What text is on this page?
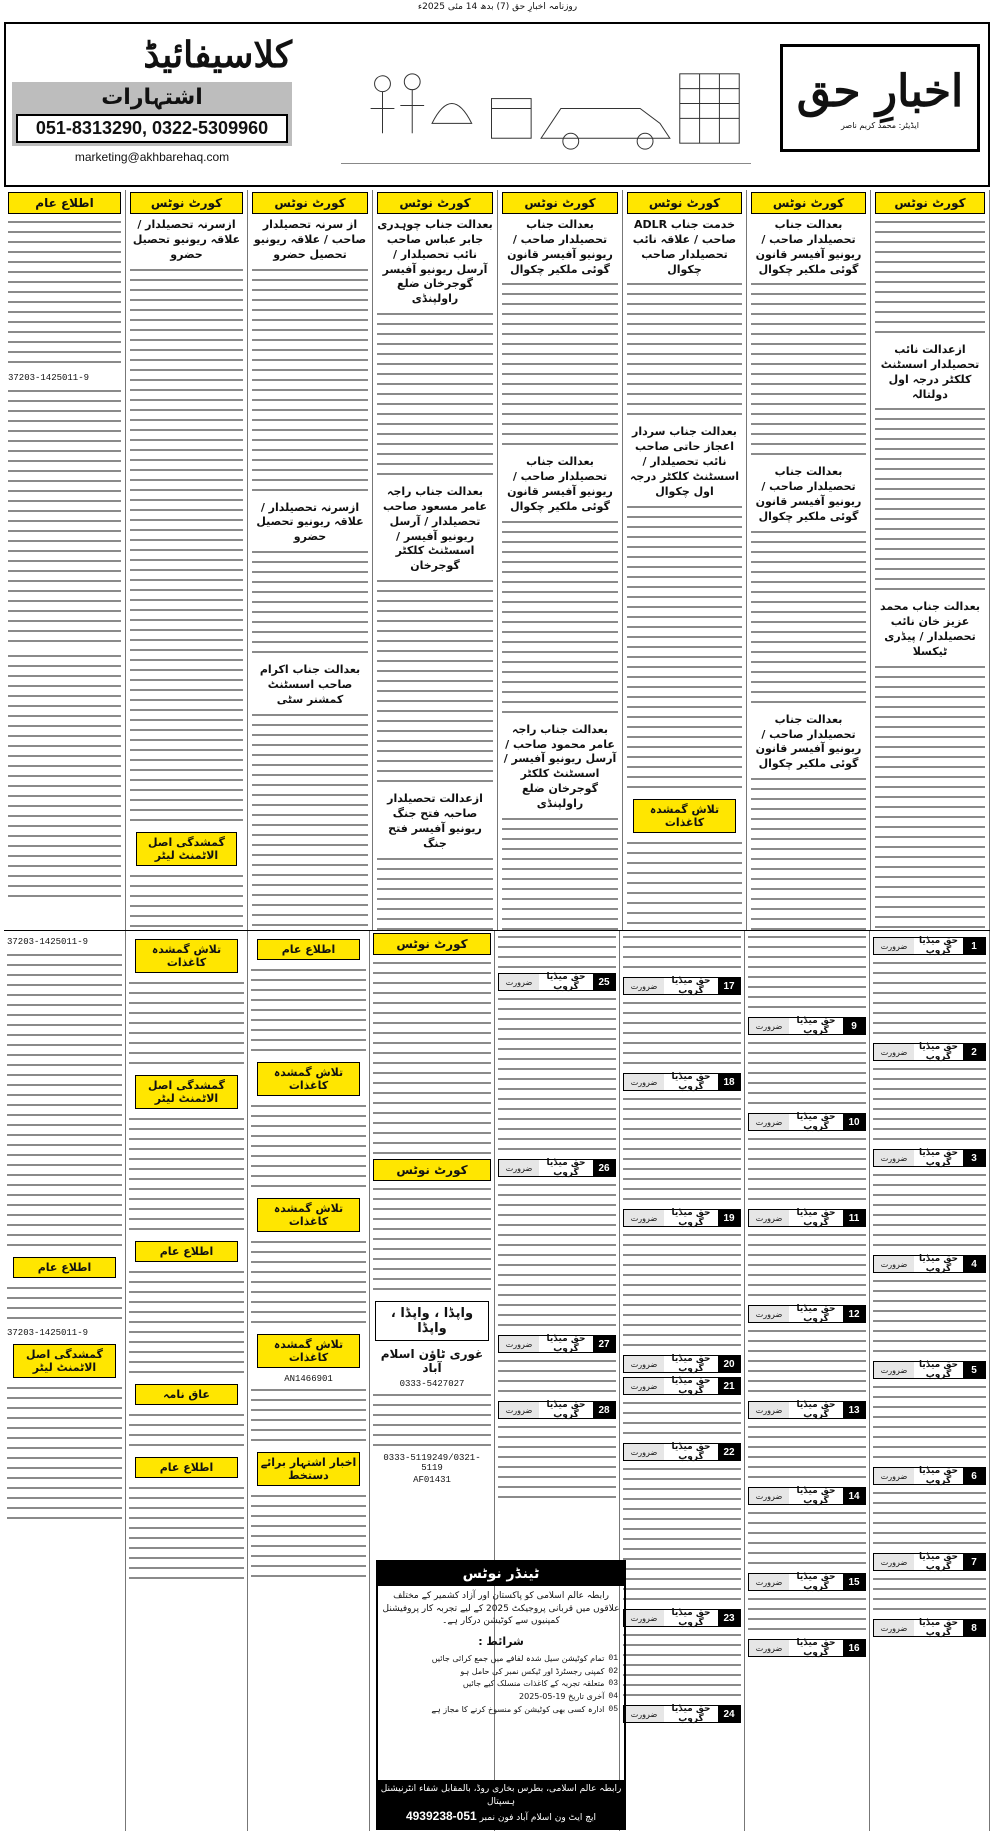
روزنامہ اخبارِ حق (7) بدھ 14 مئی 2025ء
اخبارِ حق
ایڈیٹر: محمد کریم ناصر
کلاسیفائیڈ
اشتہارات
051-8313290, 0322-5309960
marketing@akhbarehaq.com
کورٹ نوٹس
ازعدالت نائب تحصیلدار اسسٹنٹ کلکٹر درجہ اول دولتالہ
بعدالت جناب محمد عزیز خان نائب تحصیلدار / پیڈری ٹیکسلا
کورٹ نوٹس
بعدالت جناب تحصیلدار صاحب / ریونیو آفیسر قانون گوئی ملکیر چکوال
بعدالت جناب تحصیلدار صاحب / ریونیو آفیسر قانون گوئی ملکیر چکوال
بعدالت جناب تحصیلدار صاحب / ریونیو آفیسر قانون گوئی ملکیر چکوال
کورٹ نوٹس
خدمت جناب ADLR صاحب / علاقہ نائب تحصیلدار صاحب چکوال
بعدالت جناب سردار اعجاز حاتی صاحب نائب تحصیلدار / اسسٹنٹ کلکٹر درجہ اول چکوال
تلاش گمشدہ کاغذات
کورٹ نوٹس
بعدالت جناب تحصیلدار صاحب / ریونیو آفیسر قانون گوئی ملکیر چکوال
بعدالت جناب تحصیلدار صاحب / ریونیو آفیسر قانون گوئی ملکیر چکوال
بعدالت جناب راجہ عامر محمود صاحب / آرسل ریونیو آفیسر / اسسٹنٹ کلکٹر گوجرخان ضلع راولپنڈی
کورٹ نوٹس
بعدالت جناب چوہدری جابر عباس صاحب نائب تحصیلدار / آرسل ریونیو آفیسر گوجرخان ضلع راولپنڈی
بعدالت جناب راجہ عامر مسعود صاحب تحصیلدار / آرسل ریونیو آفیسر / اسسٹنٹ کلکٹر گوجرخان
ازعدالت تحصیلدار صاحبہ فتح جنگ ریونیو آفیسر فتح جنگ
کورٹ نوٹس
از سرنہ تحصیلدار صاحب / علاقہ ریونیو تحصیل حضرو
ازسرنہ تحصیلدار / علاقہ ریونیو تحصیل حضرو
بعدالت جناب اکرام صاحب اسسٹنٹ کمشنر سٹی
کورٹ نوٹس
ازسرنہ تحصیلدار / علاقہ ریونیو تحصیل حضرو
گمشدگی اصل الاٹمنٹ لیٹر
اطلاع عام
37203-1425011-9
1
حق میڈیا گروپ
ضرورت
2
حق میڈیا گروپ
ضرورت
3
حق میڈیا گروپ
ضرورت
4
حق میڈیا گروپ
ضرورت
5
حق میڈیا گروپ
ضرورت
6
حق میڈیا گروپ
ضرورت
7
حق میڈیا گروپ
ضرورت
8
حق میڈیا گروپ
ضرورت
9
حق میڈیا گروپ
ضرورت
10
حق میڈیا گروپ
ضرورت
11
حق میڈیا گروپ
ضرورت
12
حق میڈیا گروپ
ضرورت
13
حق میڈیا گروپ
ضرورت
14
حق میڈیا گروپ
ضرورت
15
حق میڈیا گروپ
ضرورت
16
حق میڈیا گروپ
ضرورت
17
حق میڈیا گروپ
ضرورت
18
حق میڈیا گروپ
ضرورت
19
حق میڈیا گروپ
ضرورت
20
حق میڈیا گروپ
ضرورت
21
حق میڈیا گروپ
ضرورت
22
حق میڈیا گروپ
ضرورت
23
حق میڈیا گروپ
ضرورت
24
حق میڈیا گروپ
ضرورت
25
حق میڈیا گروپ
ضرورت
26
حق میڈیا گروپ
ضرورت
27
حق میڈیا گروپ
ضرورت
28
حق میڈیا گروپ
ضرورت
کورٹ نوٹس
کورٹ نوٹس
واپڈا ، واپڈا ، واپڈا
غوری ٹاؤن اسلام آباد
0333-5427027
0333-5119249/0321-5119
AF01431
اطلاع عام
تلاش گمشدہ کاغذات
تلاش گمشدہ کاغذات
تلاش گمشدہ کاغذات
AN1466901
اخبار اشتہار برائے دستخط
تلاش گمشدہ کاغذات
گمشدگی اصل الاٹمنٹ لیٹر
اطلاع عام
عاق نامہ
اطلاع عام
37203-1425011-9
اطلاع عام
37203-1425011-9
گمشدگی اصل الاٹمنٹ لیٹر
ٹینڈر نوٹس
رابطہ عالم اسلامی کو پاکستان اور آزاد کشمیر کے مختلف علاقوں میں قربانی پروجیکٹ 2025 کے لیے تجربہ کار پروفیشنل کمپنیوں سے کوٹیشن درکار ہے۔
شرائط :
01
تمام کوٹیشن سیل شدہ لفافے میں جمع کرائی جائیں
02
کمپنی رجسٹرڈ اور ٹیکس نمبر کی حامل ہو
03
متعلقہ تجربہ کے کاغذات منسلک کیے جائیں
04
آخری تاریخ 19-05-2025
05
ادارہ کسی بھی کوٹیشن کو منسوخ کرنے کا مجاز ہے
رابطہ عالم اسلامی، بطرس بخاری روڈ، بالمقابل شفاء انٹرنیشنل ہسپتال
ایچ ایٹ ون اسلام آباد فون نمبر 051-4939238
